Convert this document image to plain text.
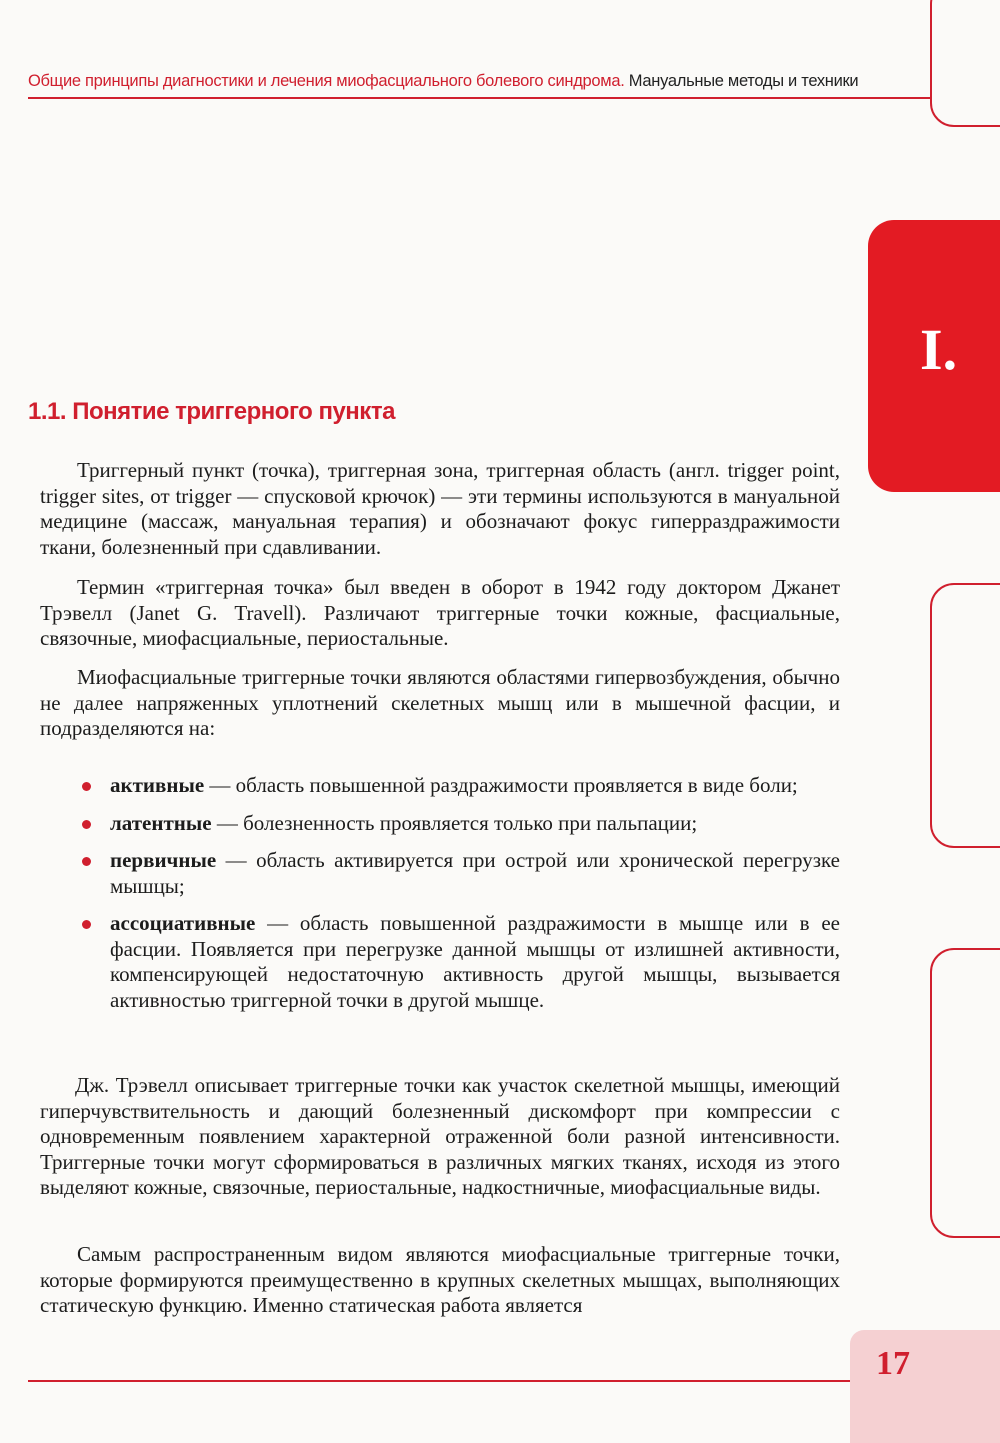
Общие принципы диагностики и лечения миофасциального болевого синдрома. Мануальные методы и техники
I.
1.1. Понятие триггерного пункта

Триггерный пункт (точка), триггерная зона, триггерная область (англ. trigger point, trigger sites, от trigger — спусковой крючок) — эти термины используются в мануальной медицине (массаж, мануальная терапия) и обозначают фокус гиперраздражимости ткани, болезненный при сдавливании.

Термин «триггерная точка» был введен в оборот в 1942 году доктором Джанет Трэвелл (Janet G. Travell). Различают триггерные точки кожные, фасциальные, связочные, миофасциальные, периостальные.

Миофасциальные триггерные точки являются областями гипервозбуждения, обычно не далее напряженных уплотнений скелетных мышц или в мышечной фасции, и подразделяются на:

активные — область повышенной раздражимости проявляется в виде боли;
латентные — болезненность проявляется только при пальпации;
первичные — область активируется при острой или хронической перегрузке мышцы;
ассоциативные — область повышенной раздражимости в мышце или в ее фасции. Появляется при перегрузке данной мышцы от излишней активности, компенсирующей недостаточную активность другой мышцы, вызывается активностью триггерной точки в другой мышце.

Дж. Трэвелл описывает триггерные точки как участок скелетной мышцы, имеющий гиперчувствительность и дающий болезненный дискомфорт при компрессии с одновременным появлением характерной отраженной боли разной интенсивности. Триггерные точки могут сформироваться в различных мягких тканях, исходя из этого выделяют кожные, связочные, периостальные, надкостничные, миофасциальные виды.

Самым распространенным видом являются миофасциальные триггерные точки, которые формируются преимущественно в крупных скелетных мышцах, выполняющих статическую функцию. Именно статическая работа является

17
